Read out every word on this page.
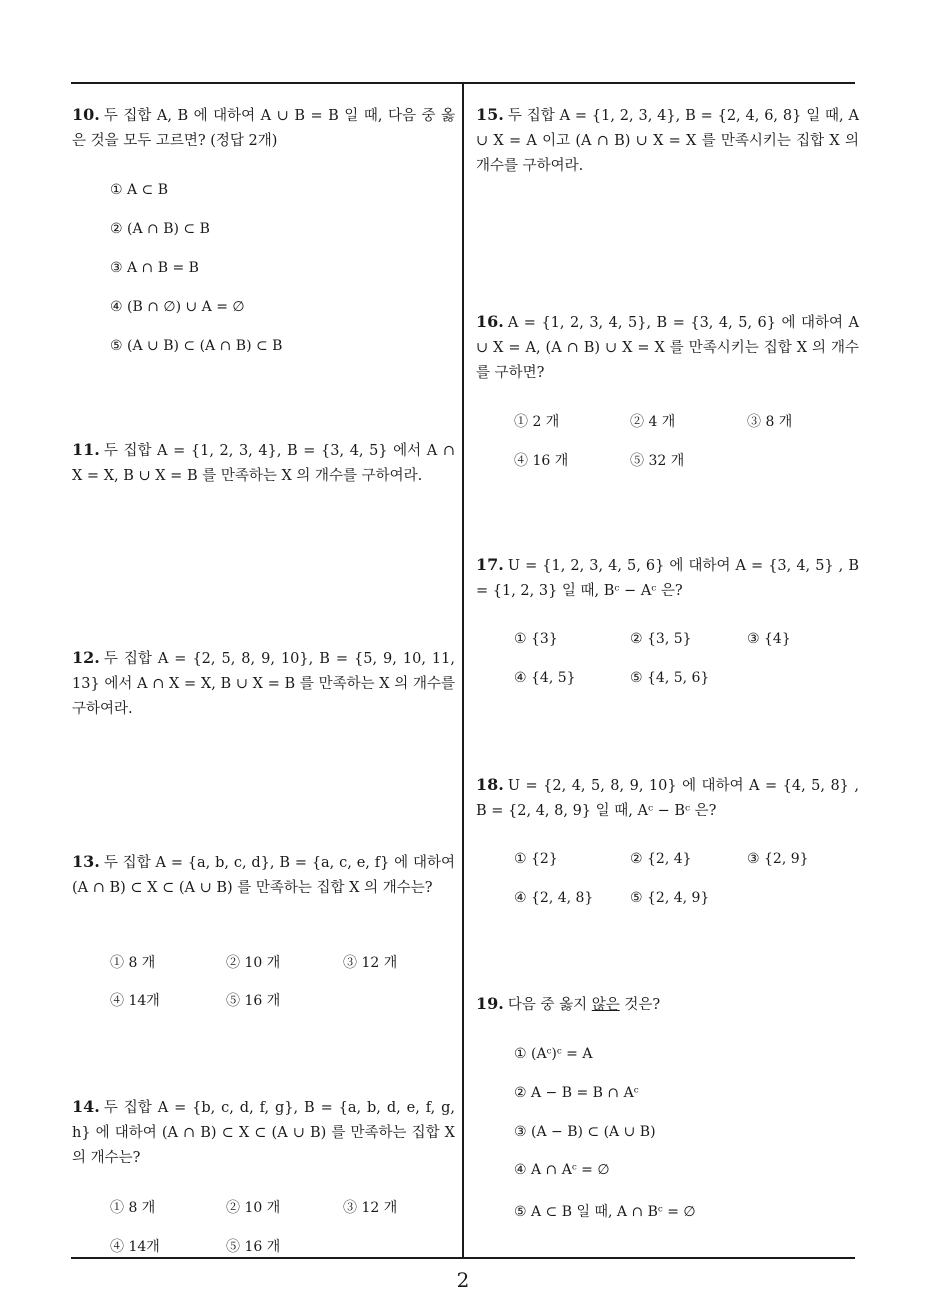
10. 두 집합 A, B 에 대하여 A ∪ B = B 일 때, 다음 중 옳은 것을 모두 고르면? (정답 2개)
① A ⊂ B
② (A ∩ B) ⊂ B
③ A ∩ B = B
④ (B ∩ ∅) ∪ A = ∅
⑤ (A ∪ B) ⊂ (A ∩ B) ⊂ B
11. 두 집합 A = {1, 2, 3, 4}, B = {3, 4, 5} 에서 A ∩ X = X, B ∪ X = B 를 만족하는 X 의 개수를 구하여라.
12. 두 집합 A = {2, 5, 8, 9, 10}, B = {5, 9, 10, 11, 13} 에서 A ∩ X = X, B ∪ X = B 를 만족하는 X 의 개수를 구하여라.
13. 두 집합 A = {a, b, c, d}, B = {a, c, e, f} 에 대하여 (A ∩ B) ⊂ X ⊂ (A ∪ B) 를 만족하는 집합 X 의 개수는?
① 8 개	② 10 개	③ 12 개
④ 14개	⑤ 16 개
14. 두 집합 A = {b, c, d, f, g}, B = {a, b, d, e, f, g, h} 에 대하여 (A ∩ B) ⊂ X ⊂ (A ∪ B) 를 만족하는 집합 X 의 개수는?
① 8 개	② 10 개	③ 12 개
④ 14개	⑤ 16 개
15. 두 집합 A = {1, 2, 3, 4}, B = {2, 4, 6, 8} 일 때, A ∪ X = A 이고 (A ∩ B) ∪ X = X 를 만족시키는 집합 X 의 개수를 구하여라.
16. A = {1, 2, 3, 4, 5}, B = {3, 4, 5, 6} 에 대하여 A ∪ X = A, (A ∩ B) ∪ X = X 를 만족시키는 집합 X 의 개수를 구하면?
① 2 개	② 4 개	③ 8 개
④ 16 개	⑤ 32 개
17. U = {1, 2, 3, 4, 5, 6} 에 대하여 A = {3, 4, 5} , B = {1, 2, 3} 일 때, Bᶜ − Aᶜ 은?
① {3}	② {3, 5}	③ {4}
④ {4, 5}	⑤ {4, 5, 6}
18. U = {2, 4, 5, 8, 9, 10} 에 대하여 A = {4, 5, 8} , B = {2, 4, 8, 9} 일 때, Aᶜ − Bᶜ 은?
① {2}	② {2, 4}	③ {2, 9}
④ {2, 4, 8}	⑤ {2, 4, 9}
19. 다음 중 옳지 않은 것은?
① (Aᶜ)ᶜ = A
② A − B = B ∩ Aᶜ
③ (A − B) ⊂ (A ∪ B)
④ A ∩ Aᶜ = ∅
⑤ A ⊂ B 일 때, A ∩ Bᶜ = ∅
2
